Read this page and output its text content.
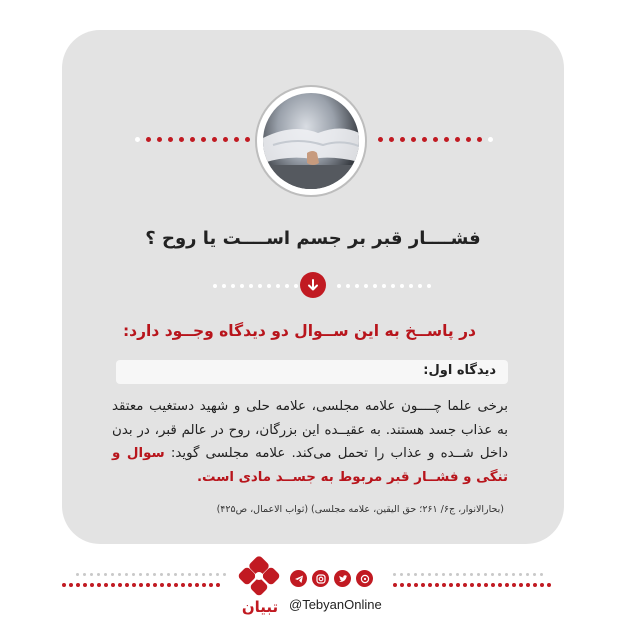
فشــــار قبر بر جسم اســــت یا روح ؟
در پاســخ به این ســوال دو دیدگاه وجــود دارد:
دیدگاه اول:
برخی علما چــــون علامه مجلسی، علامه حلی و شهید دستغیب معتقد به عذاب جسد هستند. به عقیــده این بزرگان، روح در عالم قبر، در بدن داخل شــده و عذاب را تحمل می‌کند. علامه مجلسی گوید: سوال و تنگی و فشــار قبر مربوط به جســد مادی است.
(بحارالانوار، ج۶/ ۲۶۱؛ حق الیقین، علامه مجلسی) (ثواب الاعمال، ص۴۲۵)
تبیان @TebyanOnline
